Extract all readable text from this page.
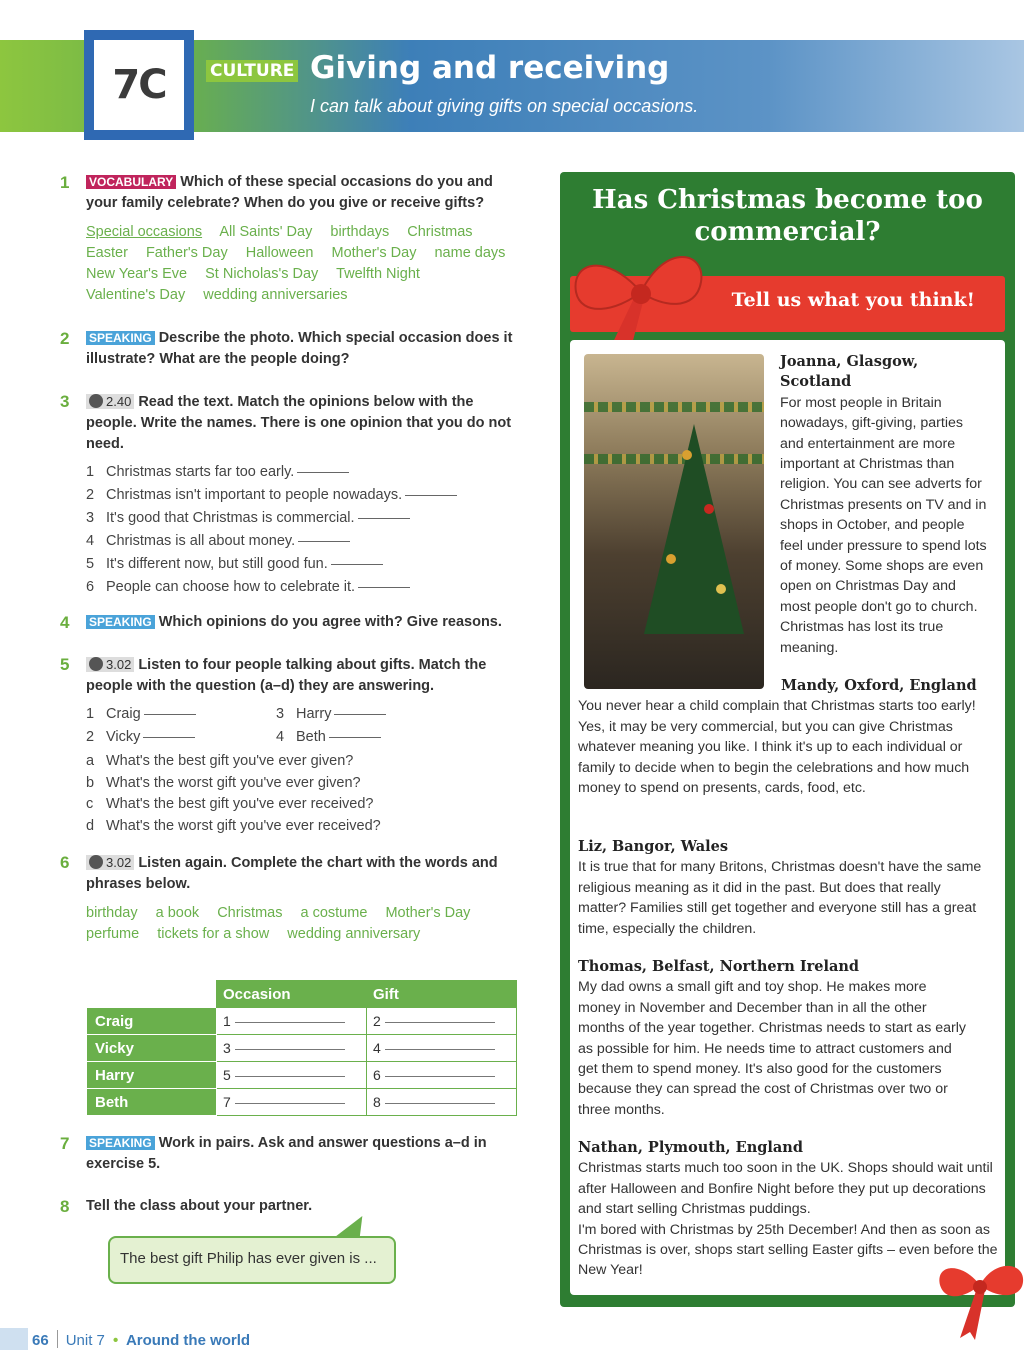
7C	CULTURE Giving and receiving
I can talk about giving gifts on special occasions.
1 VOCABULARY Which of these special occasions do you and your family celebrate? When do you give or receive gifts?
Special occasions All Saints' Day birthdays Christmas Easter Father's Day Halloween Mother's Day name days New Year's Eve St Nicholas's Day Twelfth Night Valentine's Day wedding anniversaries
2 SPEAKING Describe the photo. Which special occasion does it illustrate? What are the people doing?
3	2.40 Read the text. Match the opinions below with the people. Write the names. There is one opinion that you do not need.
1 Christmas starts far too early.
2 Christmas isn't important to people nowadays.
3 It's good that Christmas is commercial.
4 Christmas is all about money.
5 It's different now, but still good fun.
6 People can choose how to celebrate it.
4 SPEAKING Which opinions do you agree with? Give reasons.
5	3.02 Listen to four people talking about gifts. Match the people with the question (a–d) they are answering.
1 Craig
2 Vicky
3 Harry
4 Beth
a What's the best gift you've ever given?
b What's the worst gift you've ever given?
c What's the best gift you've ever received?
d What's the worst gift you've ever received?
6	3.02 Listen again. Complete the chart with the words and phrases below.
birthday a book Christmas a costume Mother's Day perfume tickets for a show wedding anniversary
	Occasion	Gift
Craig	1	2
Vicky	3	4
Harry	5	6
Beth	7	8
7 SPEAKING Work in pairs. Ask and answer questions a–d in exercise 5.
8 Tell the class about your partner.
The best gift Philip has ever given is ...
66 Unit 7 • Around the world
Has Christmas become too commercial?
Tell us what you think!
Joanna, Glasgow, Scotland
For most people in Britain nowadays, gift-giving, parties and entertainment are more important at Christmas than religion. You can see adverts for Christmas presents on TV and in shops in October, and people feel under pressure to spend lots of money. Some shops are even open on Christmas Day and most people don't go to church. Christmas has lost its true meaning.
Mandy, Oxford, England
You never hear a child complain that Christmas starts too early! Yes, it may be very commercial, but you can give Christmas whatever meaning you like. I think it's up to each individual or family to decide when to begin the celebrations and how much money to spend on presents, cards, food, etc.
Liz, Bangor, Wales
It is true that for many Britons, Christmas doesn't have the same religious meaning as it did in the past. But does that really matter? Families still get together and everyone still has a great time, especially the children.
Thomas, Belfast, Northern Ireland
My dad owns a small gift and toy shop. He makes more money in November and December than in all the other months of the year together. Christmas needs to start as early as possible for him. He needs time to attract customers and get them to spend money. It's also good for the customers because they can spread the cost of Christmas over two or three months.
Nathan, Plymouth, England
Christmas starts much too soon in the UK. Shops should wait until after Halloween and Bonfire Night before they put up decorations and start selling Christmas puddings.
I'm bored with Christmas by 25th December! And then as soon as Christmas is over, shops start selling Easter gifts – even before the New Year!
